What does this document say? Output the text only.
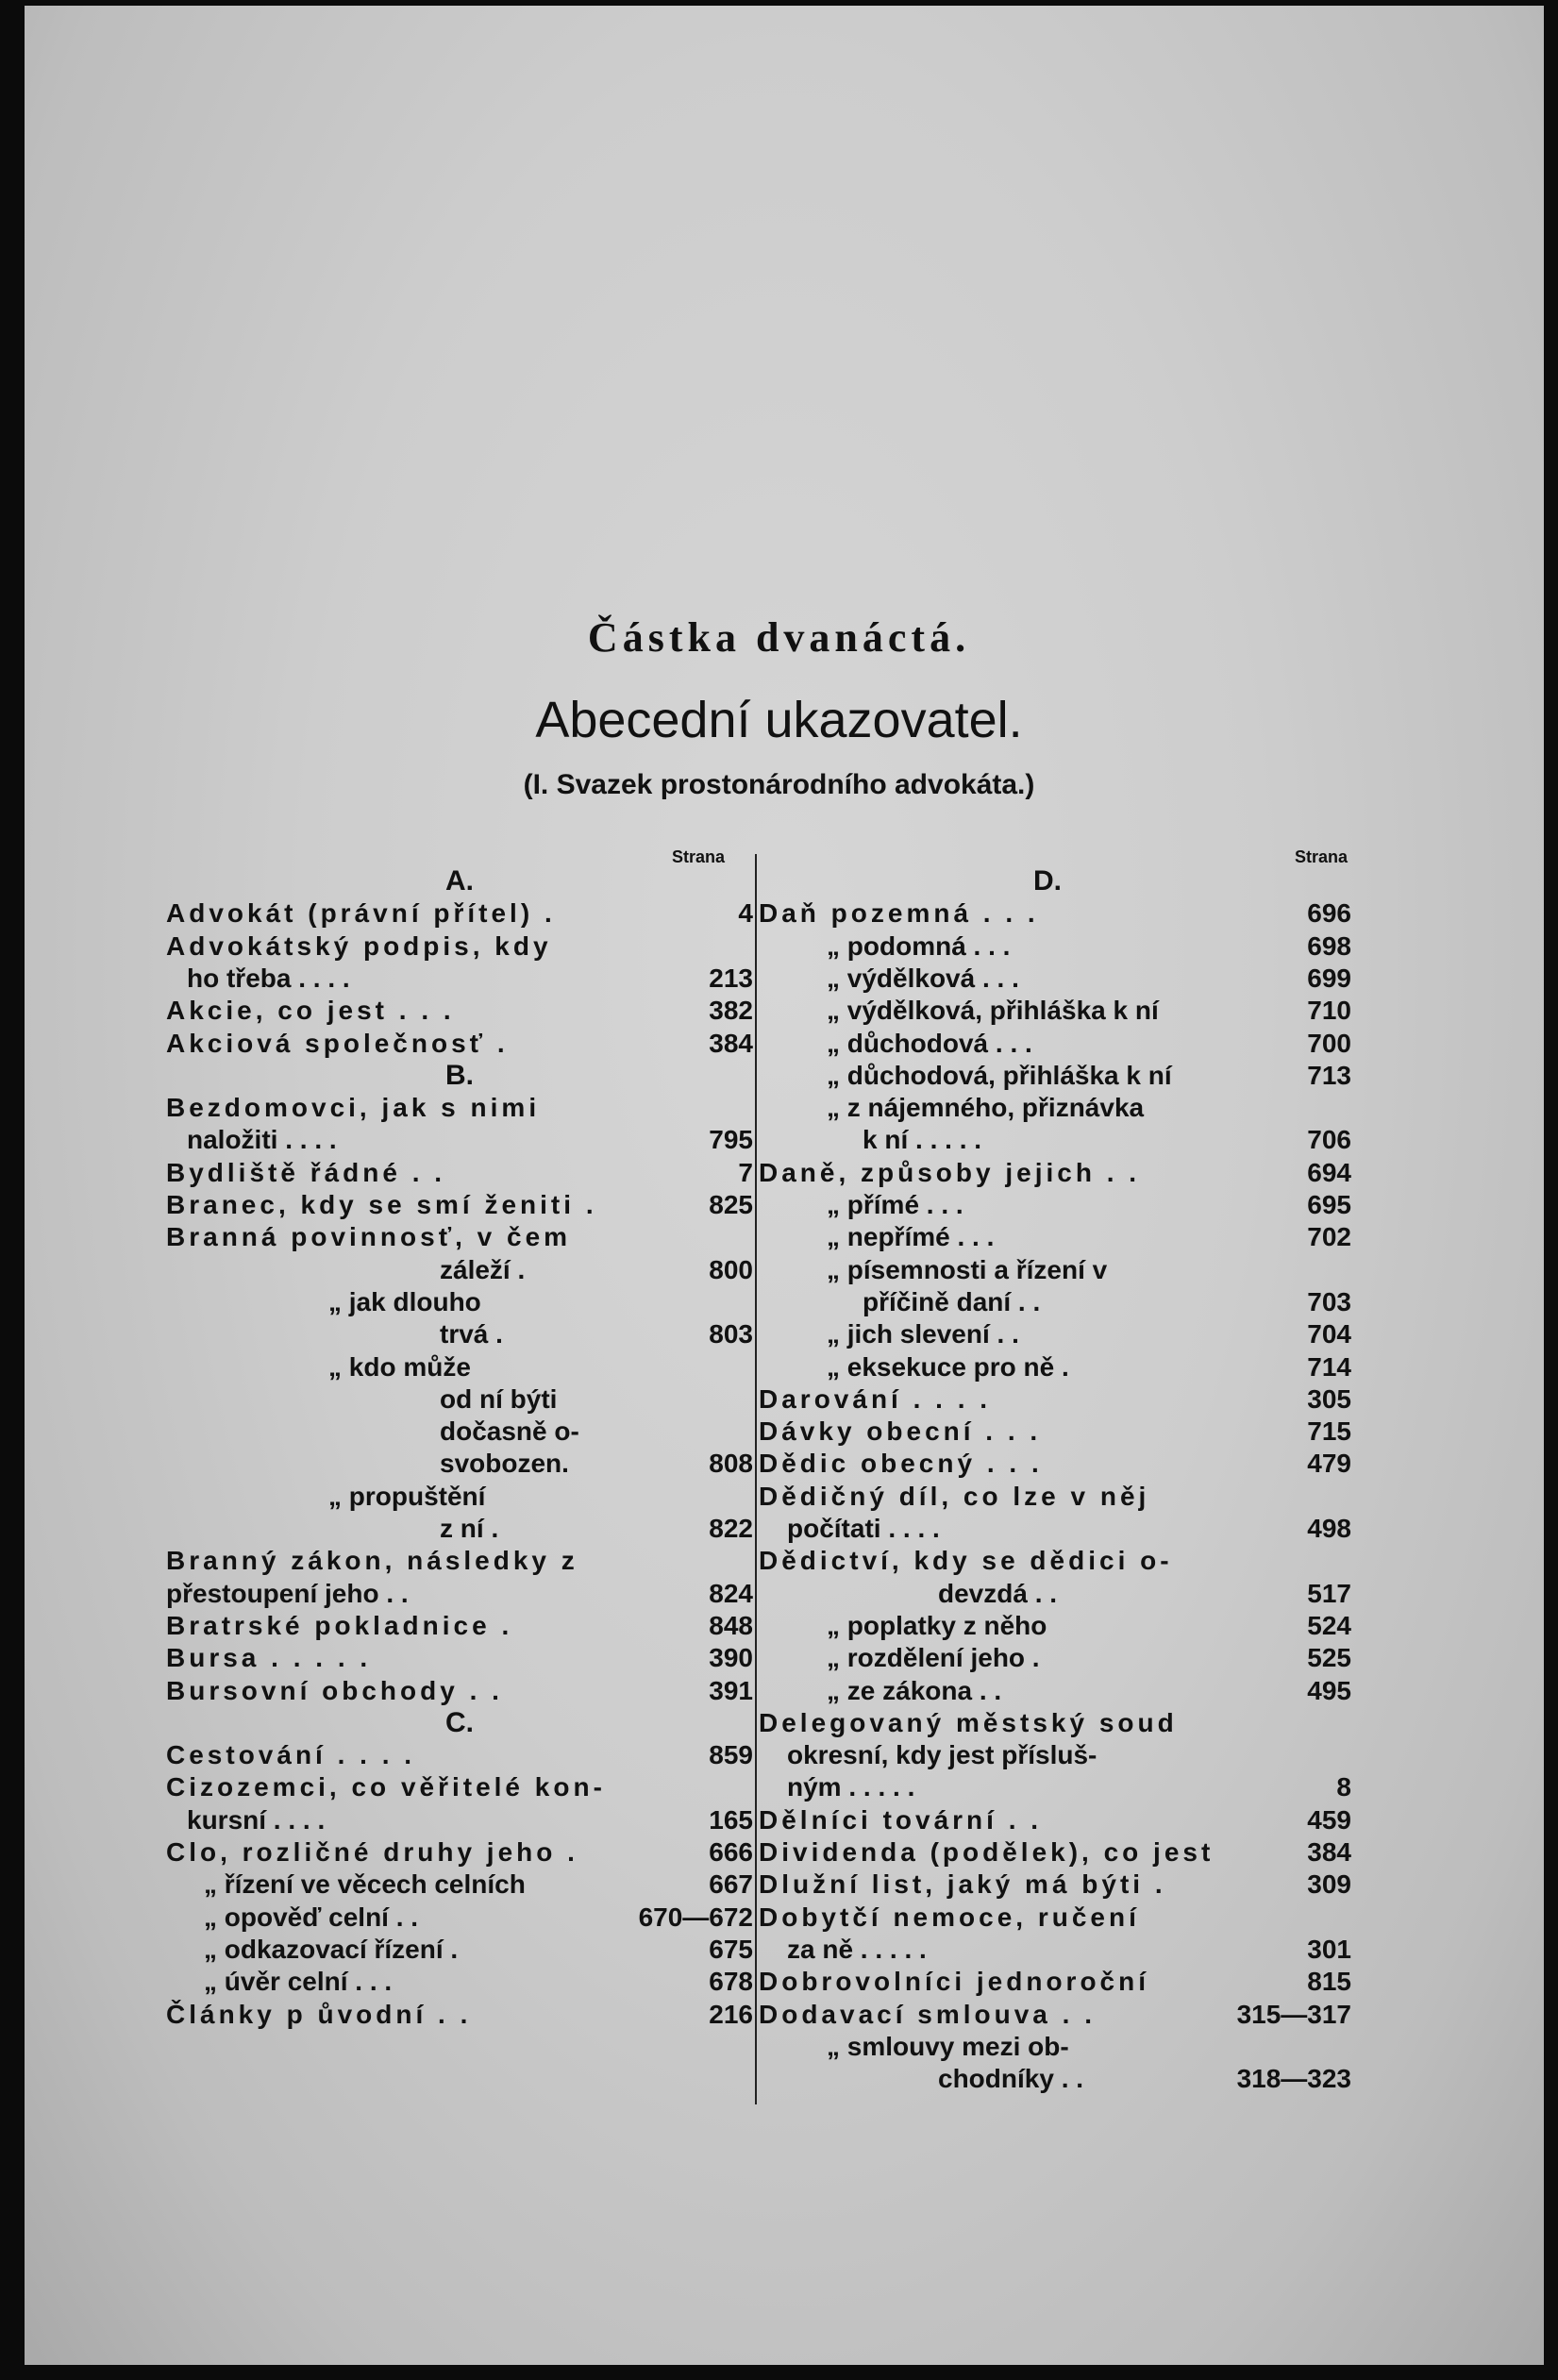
Částka dvanáctá.
Abecední ukazovatel.
(I. Svazek prostonárodního advokáta.)
Strana	Strana
A.
Advokát (právní přítel) .	4
Advokátský podpis, kdy
ho třeba . . . .	213
Akcie, co jest . . .	382
Akciová společnosť .	384
B.
Bezdomovci, jak s nimi
naložiti . . . .	795
Bydliště řádné . .	7
Branec, kdy se smí ženiti .	825
Branná povinnosť, v čem
záleží .	800
„ jak dlouho
trvá .	803
„ kdo může
od ní býti
dočasně o-
svobozen.	808
„ propuštění
z ní .	822
Branný zákon, následky z
přestoupení jeho . .	824
Bratrské pokladnice .	848
Bursa . . . . .	390
Bursovní obchody . .	391
C.
Cestování . . . .	859
Cizozemci, co věřitelé kon-
kursní . . . .	165
Clo, rozličné druhy jeho .	666
„ řízení ve věcech celních	667
„ opověď celní . .	670—672
„ odkazovací řízení .	675
„ úvěr celní . . .	678
Články p ůvodní . .	216
D.
Daň pozemná . . .	696
„ podomná . . .	698
„ výdělková . . .	699
„ výdělková, přihláška k ní	710
„ důchodová . . .	700
„ důchodová, přihláška k ní	713
„ z nájemného, přiznávka
k ní . . . . .	706
Daně, způsoby jejich . .	694
„ přímé . . .	695
„ nepřímé . . .	702
„ písemnosti a řízení v
příčině daní . .	703
„ jich slevení . .	704
„ eksekuce pro ně .	714
Darování . . . .	305
Dávky obecní . . .	715
Dědic obecný . . .	479
Dědičný díl, co lze v něj
počítati . . . .	498
Dědictví, kdy se dědici o-
devzdá . .	517
„ poplatky z něho	524
„ rozdělení jeho .	525
„ ze zákona . .	495
Delegovaný městský soud
okresní, kdy jest přísluš-
ným . . . . .	8
Dělníci tovární . .	459
Dividenda (podělek), co jest	384
Dlužní list, jaký má býti .	309
Dobytčí nemoce, ručení
za ně . . . . .	301
Dobrovolníci jednoroční	815
Dodavací smlouva . .	315—317
„ smlouvy mezi ob-
chodníky . .	318—323
